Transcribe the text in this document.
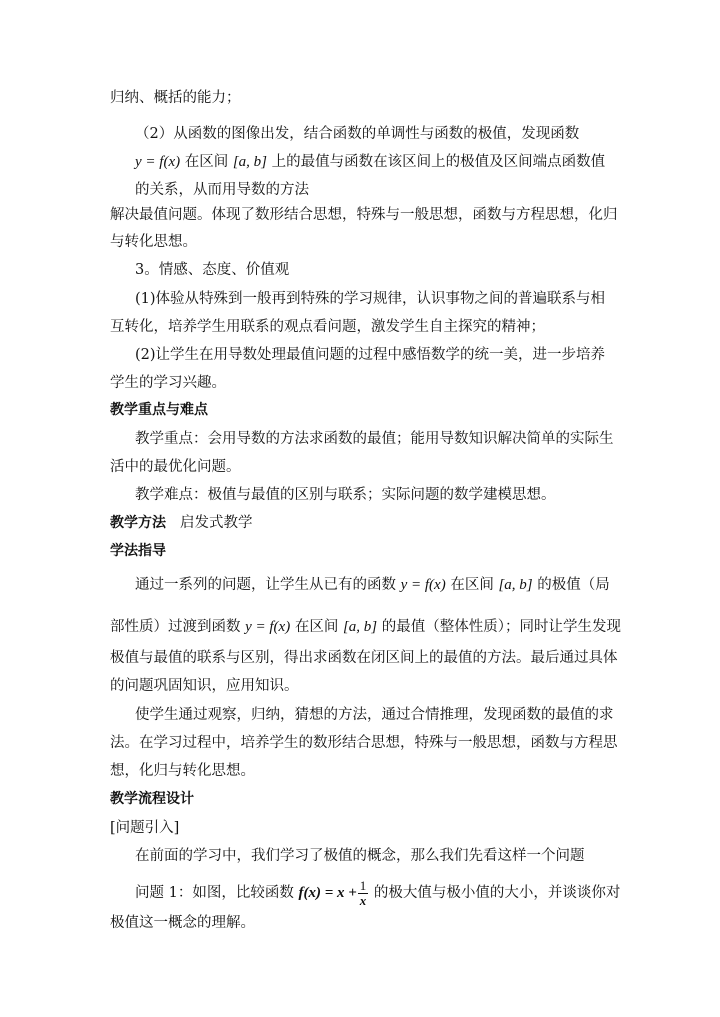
归纳、概括的能力；
（2）从函数的图像出发，结合函数的单调性与函数的极值，发现函数
y = f(x) 在区间 [a, b] 上的最值与函数在该区间上的极值及区间端点函数值
的关系，从而用导数的方法
解决最值问题。体现了数形结合思想，特殊与一般思想，函数与方程思想，化归
与转化思想。
3。情感、态度、价值观
(1)体验从特殊到一般再到特殊的学习规律，认识事物之间的普遍联系与相
互转化，培养学生用联系的观点看问题，激发学生自主探究的精神；
(2)让学生在用导数处理最值问题的过程中感悟数学的统一美，进一步培养
学生的学习兴趣。
教学重点与难点
教学重点：会用导数的方法求函数的最值；能用导数知识解决简单的实际生
活中的最优化问题。
教学难点：极值与最值的区别与联系；实际问题的数学建模思想。
教学方法 启发式教学
学法指导
通过一系列的问题，让学生从已有的函数 y = f(x) 在区间 [a, b] 的极值（局
部性质）过渡到函数 y = f(x) 在区间 [a, b] 的最值（整体性质）；同时让学生发现
极值与最值的联系与区别，得出求函数在闭区间上的最值的方法。最后通过具体
的问题巩固知识，应用知识。
使学生通过观察，归纳，猜想的方法，通过合情推理，发现函数的最值的求
法。在学习过程中，培养学生的数形结合思想，特殊与一般思想，函数与方程思
想，化归与转化思想。
教学流程设计
[问题引入]
在前面的学习中，我们学习了极值的概念，那么我们先看这样一个问题
问题 1：如图，比较函数 $f(x) = x + \frac{1}{x}$ 的极大值与极小值的大小，并谈谈你对
极值这一概念的理解。
